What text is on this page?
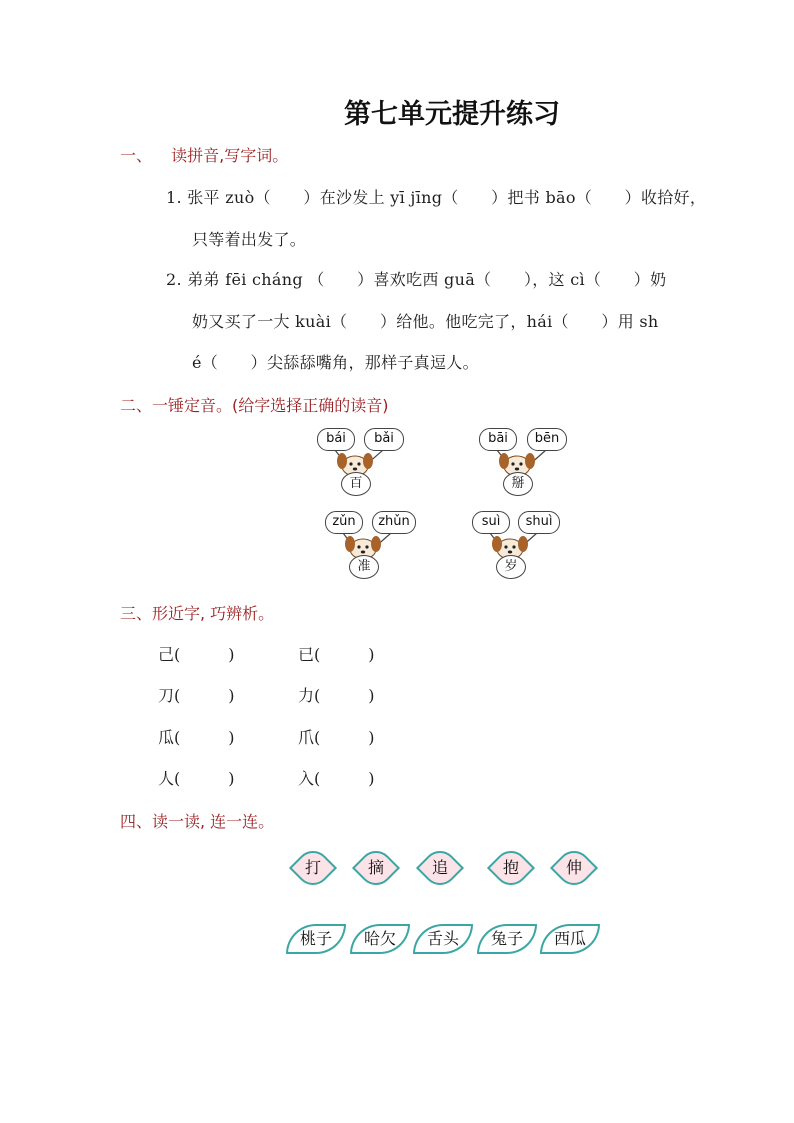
第七单元提升练习
一、 读拼音,写字词。
1. 张平 zuò（　　）在沙发上 yī jīng（　　）把书 bāo（　　）收拾好，
只等着出发了。
2. 弟弟 fēi cháng （　　）喜欢吃西 guā（　　），这 cì（　　）奶
奶又买了一大 kuài（　　）给他。他吃完了，hái（　　）用 sh
é（　　）尖舔舔嘴角，那样子真逗人。
二、一锤定音。(给字选择正确的读音)
bái	bǎi
百
bāi	bēn
掰
zǔn	zhǔn
准
suì	shuì
岁
三、形近字, 巧辨析。
己(　　　)	已(　　　)
刀(　　　)	力(　　　)
瓜(　　　)	爪(　　　)
人(　　　)	入(　　　)
四、读一读, 连一连。
打	摘	追	抱	伸
桃子	哈欠	舌头	兔子	西瓜
